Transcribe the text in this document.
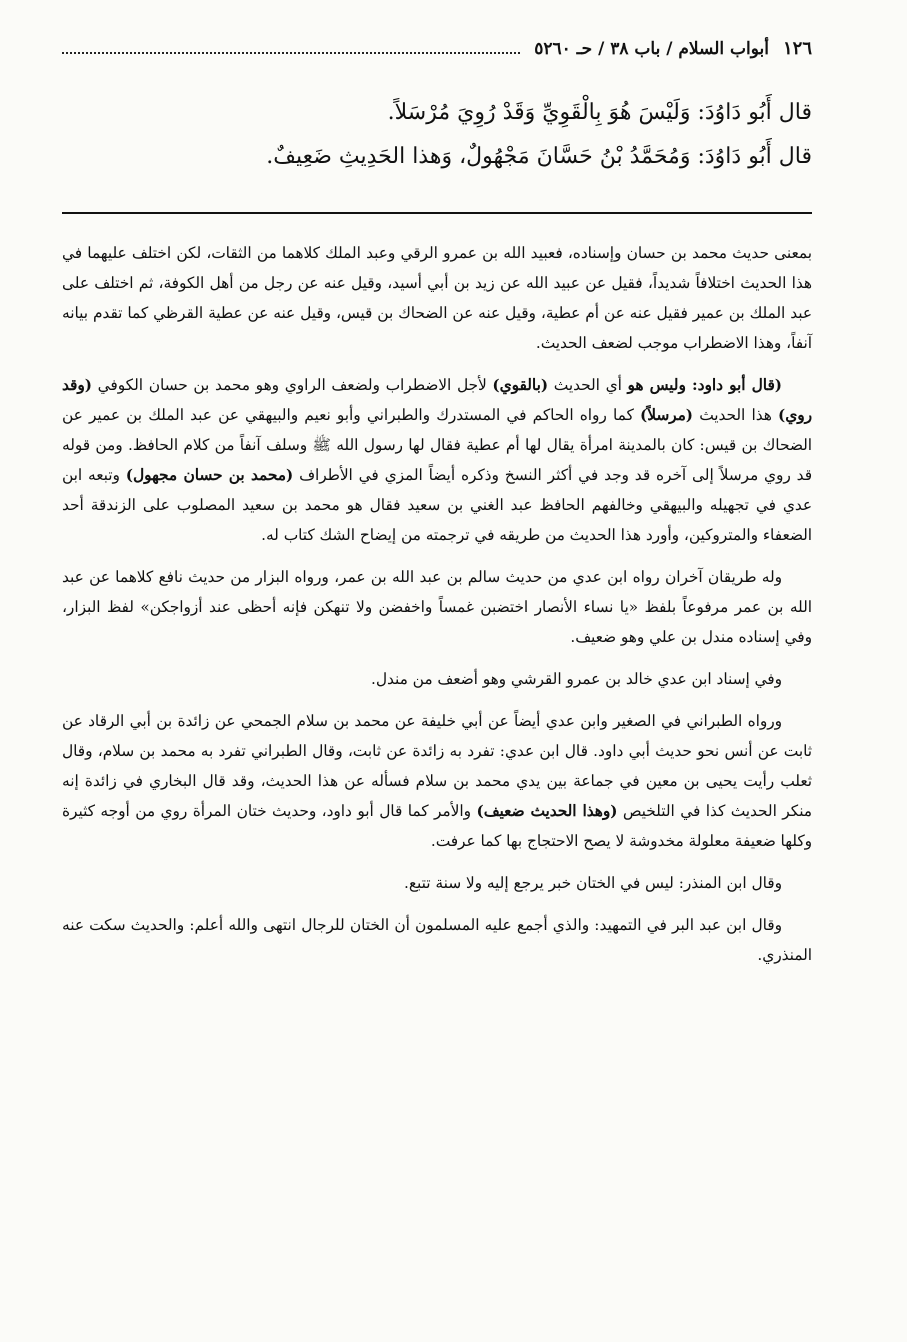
١٢٦
أبواب السلام / باب ٣٨ / حـ ٥٢٦٠

قال أَبُو دَاوُدَ: وَلَيْسَ هُوَ بِالْقَوِيِّ وَقَدْ رُوِيَ مُرْسَلاً.

قال أَبُو دَاوُدَ: وَمُحَمَّدُ بْنُ حَسَّانَ مَجْهُولٌ، وَهذا الحَدِيثِ ضَعِيفٌ.

بمعنى حديث محمد بن حسان وإسناده، فعبيد الله بن عمرو الرقي وعبد الملك كلاهما من الثقات، لكن اختلف عليهما في هذا الحديث اختلافاً شديداً، فقيل عن عبيد الله عن زيد بن أبي أسيد، وقيل عنه عن رجل من أهل الكوفة، ثم اختلف على عبد الملك بن عمير فقيل عنه عن أم عطية، وقيل عنه عن الضحاك بن قيس، وقيل عنه عن عطية القرظي كما تقدم بيانه آنفاً، وهذا الاضطراب موجب لضعف الحديث.

(قال أبو داود: وليس هو أي الحديث (بالقوي) لأجل الاضطراب ولضعف الراوي وهو محمد بن حسان الكوفي (وقد روي) هذا الحديث (مرسلاً) كما رواه الحاكم في المستدرك والطبراني وأبو نعيم والبيهقي عن عبد الملك بن عمير عن الضحاك بن قيس: كان بالمدينة امرأة يقال لها أم عطية فقال لها رسول الله ﷺ وسلف آنفاً من كلام الحافظ. ومن قوله قد روي مرسلاً إلى آخره قد وجد في أكثر النسخ وذكره أيضاً المزي في الأطراف (محمد بن حسان مجهول) وتبعه ابن عدي في تجهيله والبيهقي وخالفهم الحافظ عبد الغني بن سعيد فقال هو محمد بن سعيد المصلوب على الزندقة أحد الضعفاء والمتروكين، وأورد هذا الحديث من طريقه في ترجمته من إيضاح الشك كتاب له.

وله طريقان آخران رواه ابن عدي من حديث سالم بن عبد الله بن عمر، ورواه البزار من حديث نافع كلاهما عن عبد الله بن عمر مرفوعاً بلفظ «يا نساء الأنصار اختضبن غمساً واخفضن ولا تنهكن فإنه أحظى عند أزواجكن» لفظ البزار، وفي إسناده مندل بن علي وهو ضعيف.

وفي إسناد ابن عدي خالد بن عمرو القرشي وهو أضعف من مندل.

ورواه الطبراني في الصغير وابن عدي أيضاً عن أبي خليفة عن محمد بن سلام الجمحي عن زائدة بن أبي الرقاد عن ثابت عن أنس نحو حديث أبي داود. قال ابن عدي: تفرد به زائدة عن ثابت، وقال الطبراني تفرد به محمد بن سلام، وقال ثعلب رأيت يحيى بن معين في جماعة بين يدي محمد بن سلام فسأله عن هذا الحديث، وقد قال البخاري في زائدة إنه منكر الحديث كذا في التلخيص (وهذا الحديث ضعيف) والأمر كما قال أبو داود، وحديث ختان المرأة روي من أوجه كثيرة وكلها ضعيفة معلولة مخدوشة لا يصح الاحتجاج بها كما عرفت.

وقال ابن المنذر: ليس في الختان خبر يرجع إليه ولا سنة تتبع.

وقال ابن عبد البر في التمهيد: والذي أجمع عليه المسلمون أن الختان للرجال انتهى والله أعلم: والحديث سكت عنه المنذري.
